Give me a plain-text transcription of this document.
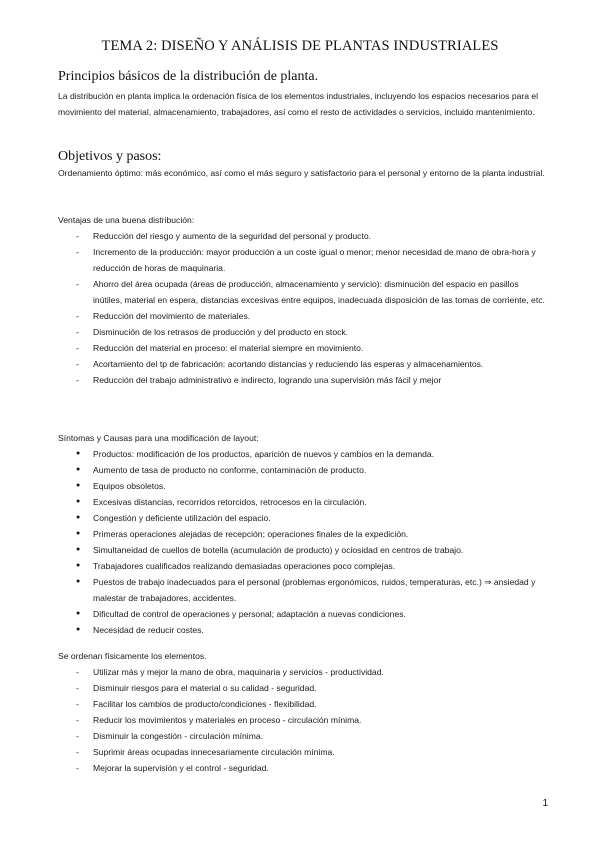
TEMA 2: DISEÑO Y ANÁLISIS DE PLANTAS INDUSTRIALES
Principios básicos de la distribución de planta.
La distribución en planta implica la ordenación física de los elementos industriales, incluyendo los espacios necesarios para el movimiento del material, almacenamiento, trabajadores, así como el resto de actividades o servicios, incluido mantenimiento.
Objetivos y pasos:
Ordenamiento óptimo: más económico, así como el más seguro y satisfactorio para el personal y entorno de la planta industrial.
Ventajas de una buena distribución:
- Reducción del riesgo y aumento de la seguridad del personal y producto.
- Incremento de la producción: mayor producción a un coste igual o menor; menor necesidad de mano de obra-hora y reducción de horas de maquinaria.
- Ahorro del área ocupada (áreas de producción, almacenamiento y servicio): disminución del espacio en pasillos inútiles, material en espera, distancias excesivas entre equipos, inadecuada disposición de las tomas de corriente, etc.
- Reducción del movimiento de materiales.
- Disminución de los retrasos de producción y del producto en stock.
- Reducción del material en proceso: el material siempre en movimiento.
- Acortamiento del tp de fabricación: acortando distancias y reduciendo las esperas y almacenamientos.
- Reducción del trabajo administrativo e indirecto, logrando una supervisión más fácil y mejor
Síntomas y Causas para una modificación de layout:
● Productos: modificación de los productos, aparición de nuevos y cambios en la demanda.
● Aumento de tasa de producto no conforme, contaminación de producto.
● Equipos obsoletos.
● Excesivas distancias, recorridos retorcidos, retrocesos en la circulación.
● Congestión y deficiente utilización del espacio.
● Primeras operaciones alejadas de recepción; operaciones finales de la expedición.
● Simultaneidad de cuellos de botella (acumulación de producto) y ociosidad en centros de trabajo.
● Trabajadores cualificados realizando demasiadas operaciones poco complejas.
● Puestos de trabajo inadecuados para el personal (problemas ergonómicos, ruidos, temperaturas, etc.) ⇒ ansiedad y malestar de trabajadores, accidentes.
● Dificultad de control de operaciones y personal; adaptación a nuevas condiciones.
● Necesidad de reducir costes.
Se ordenan físicamente los elementos.
- Utilizar más y mejor la mano de obra, maquinaria y servicios - productividad.
- Disminuir riesgos para el material o su calidad - seguridad.
- Facilitar los cambios de producto/condiciones - flexibilidad.
- Reducir los movimientos y materiales en proceso - circulación mínima.
- Disminuir la congestión - circulación mínima.
- Suprimir áreas ocupadas innecesariamente circulación mínima.
- Mejorar la supervisión y el control - seguridad.
1
